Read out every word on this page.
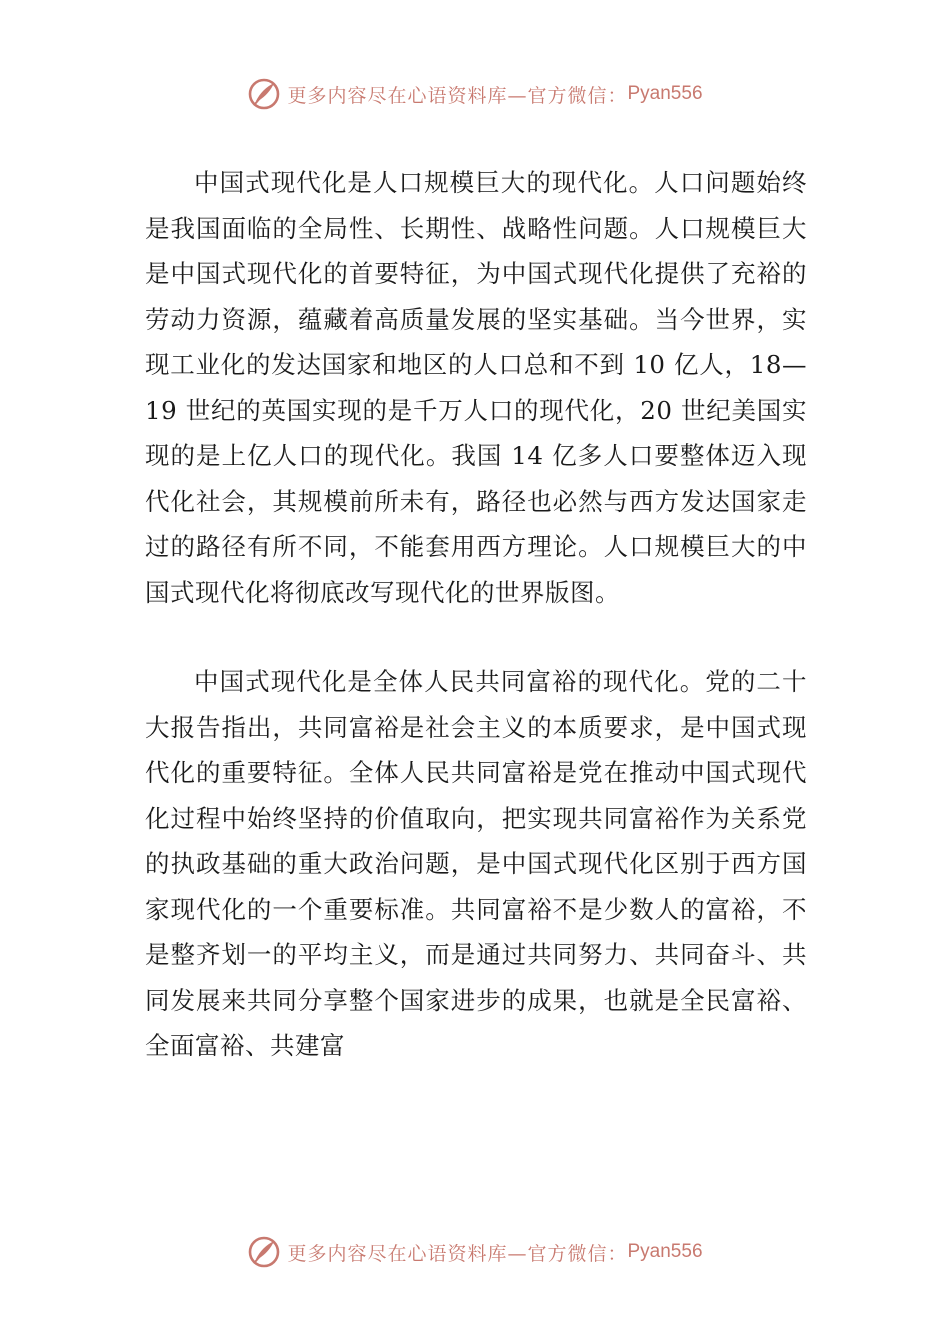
更多内容尽在心语资料库—官方微信： Pyan556

中国式现代化是人口规模巨大的现代化。人口问题始终是我国面临的全局性、长期性、战略性问题。人口规模巨大是中国式现代化的首要特征，为中国式现代化提供了充裕的劳动力资源，蕴藏着高质量发展的坚实基础。当今世界，实现工业化的发达国家和地区的人口总和不到 10 亿人，18—19 世纪的英国实现的是千万人口的现代化，20 世纪美国实现的是上亿人口的现代化。我国 14 亿多人口要整体迈入现代化社会，其规模前所未有，路径也必然与西方发达国家走过的路径有所不同，不能套用西方理论。人口规模巨大的中国式现代化将彻底改写现代化的世界版图。

中国式现代化是全体人民共同富裕的现代化。党的二十大报告指出，共同富裕是社会主义的本质要求，是中国式现代化的重要特征。全体人民共同富裕是党在推动中国式现代化过程中始终坚持的价值取向，把实现共同富裕作为关系党的执政基础的重大政治问题，是中国式现代化区别于西方国家现代化的一个重要标准。共同富裕不是少数人的富裕，不是整齐划一的平均主义，而是通过共同努力、共同奋斗、共同发展来共同分享整个国家进步的成果，也就是全民富裕、全面富裕、共建富

更多内容尽在心语资料库—官方微信： Pyan556
